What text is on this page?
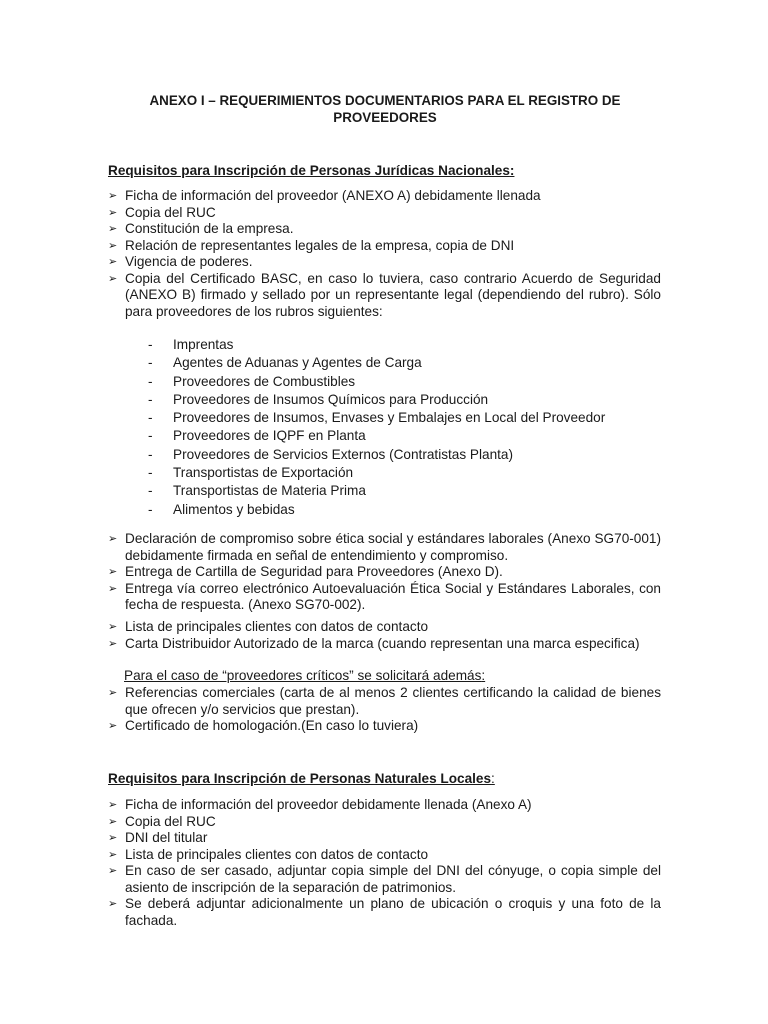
ANEXO I – REQUERIMIENTOS DOCUMENTARIOS PARA EL REGISTRO DE PROVEEDORES
Requisitos para Inscripción de Personas Jurídicas Nacionales:
➢ Ficha de información del proveedor (ANEXO A) debidamente llenada
➢ Copia del RUC
➢ Constitución de la empresa.
➢ Relación de representantes legales de la empresa, copia de DNI
➢ Vigencia de poderes.
➢ Copia del Certificado BASC, en caso lo tuviera, caso contrario Acuerdo de Seguridad (ANEXO B) firmado y sellado por un representante legal (dependiendo del rubro). Sólo para proveedores de los rubros siguientes:
- Imprentas
- Agentes de Aduanas y Agentes de Carga
- Proveedores de Combustibles
- Proveedores de Insumos Químicos para Producción
- Proveedores de Insumos, Envases y Embalajes en Local del Proveedor
- Proveedores de IQPF en Planta
- Proveedores de Servicios Externos (Contratistas Planta)
- Transportistas de Exportación
- Transportistas de Materia Prima
- Alimentos y bebidas
➢ Declaración de compromiso sobre ética social y estándares laborales (Anexo SG70-001) debidamente firmada en señal de entendimiento y compromiso.
➢ Entrega de Cartilla de Seguridad para Proveedores (Anexo D).
➢ Entrega vía correo electrónico Autoevaluación Ética Social y Estándares Laborales, con fecha de respuesta. (Anexo SG70-002).
➢ Lista de principales clientes con datos de contacto
➢ Carta Distribuidor Autorizado de la marca (cuando representan una marca especifica)
Para el caso de “proveedores críticos” se solicitará además:
➢ Referencias comerciales (carta de al menos 2 clientes certificando la calidad de bienes que ofrecen y/o servicios que prestan).
➢ Certificado de homologación.(En caso lo tuviera)
Requisitos para Inscripción de Personas Naturales Locales:
➢ Ficha de información del proveedor debidamente llenada (Anexo A)
➢ Copia del RUC
➢ DNI del titular
➢ Lista de principales clientes con datos de contacto
➢ En caso de ser casado, adjuntar copia simple del DNI del cónyuge, o copia simple del asiento de inscripción de la separación de patrimonios.
➢ Se deberá adjuntar adicionalmente un plano de ubicación o croquis y una foto de la fachada.
